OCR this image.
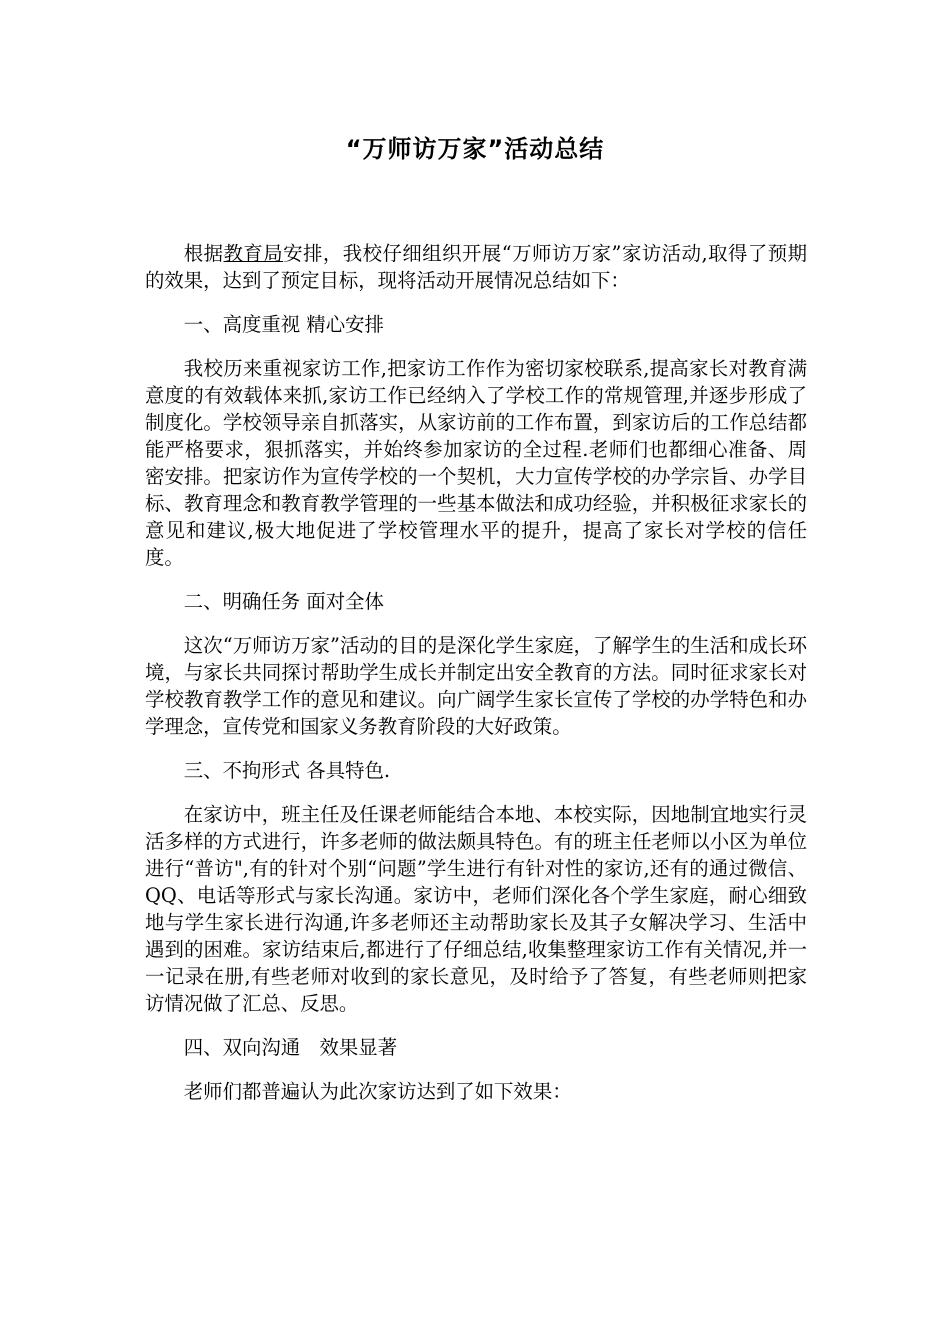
“万师访万家”活动总结

根据教育局安排，我校仔细组织开展“万师访万家”家访活动,取得了预期的效果，达到了预定目标，现将活动开展情况总结如下：

一、高度重视 精心安排

我校历来重视家访工作,把家访工作作为密切家校联系,提高家长对教育满意度的有效载体来抓,家访工作已经纳入了学校工作的常规管理,并逐步形成了制度化。学校领导亲自抓落实，从家访前的工作布置，到家访后的工作总结都能严格要求，狠抓落实，并始终参加家访的全过程.老师们也都细心准备、周密安排。把家访作为宣传学校的一个契机，大力宣传学校的办学宗旨、办学目标、教育理念和教育教学管理的一些基本做法和成功经验，并积极征求家长的意见和建议,极大地促进了学校管理水平的提升，提高了家长对学校的信任度。

二、明确任务 面对全体

这次“万师访万家”活动的目的是深化学生家庭，了解学生的生活和成长环境，与家长共同探讨帮助学生成长并制定出安全教育的方法。同时征求家长对学校教育教学工作的意见和建议。向广阔学生家长宣传了学校的办学特色和办学理念，宣传党和国家义务教育阶段的大好政策。

三、不拘形式 各具特色.

在家访中，班主任及任课老师能结合本地、本校实际，因地制宜地实行灵活多样的方式进行，许多老师的做法颇具特色。有的班主任老师以小区为单位进行“普访",有的针对个别“问题”学生进行有针对性的家访,还有的通过微信、QQ、电话等形式与家长沟通。家访中，老师们深化各个学生家庭，耐心细致地与学生家长进行沟通,许多老师还主动帮助家长及其子女解决学习、生活中遇到的困难。家访结束后,都进行了仔细总结,收集整理家访工作有关情况,并一一记录在册,有些老师对收到的家长意见，及时给予了答复，有些老师则把家访情况做了汇总、反思。

四、双向沟通　效果显著

老师们都普遍认为此次家访达到了如下效果：
